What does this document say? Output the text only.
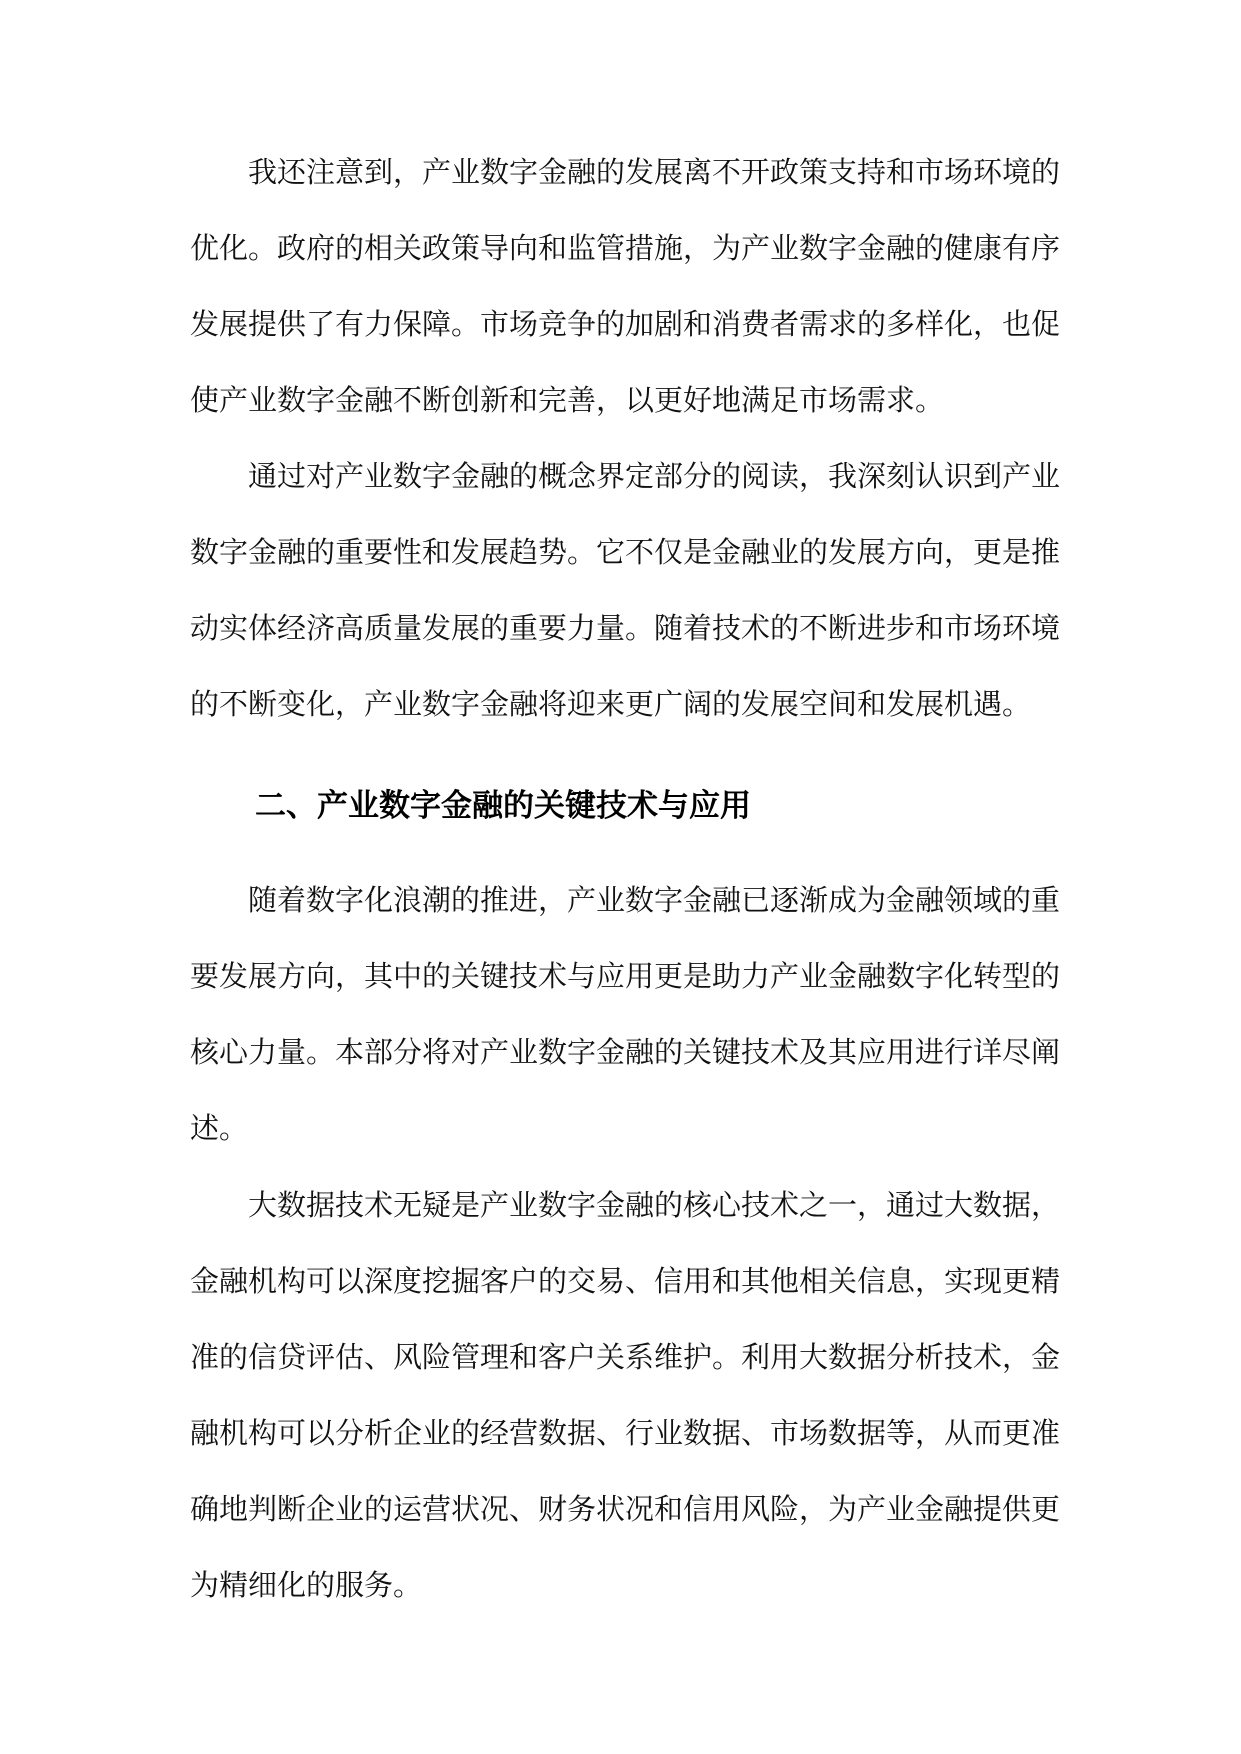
我还注意到，产业数字金融的发展离不开政策支持和市场环境的
优化。政府的相关政策导向和监管措施，为产业数字金融的健康有序
发展提供了有力保障。市场竞争的加剧和消费者需求的多样化，也促
使产业数字金融不断创新和完善，以更好地满足市场需求。
通过对产业数字金融的概念界定部分的阅读，我深刻认识到产业
数字金融的重要性和发展趋势。它不仅是金融业的发展方向，更是推
动实体经济高质量发展的重要力量。随着技术的不断进步和市场环境
的不断变化，产业数字金融将迎来更广阔的发展空间和发展机遇。
二、产业数字金融的关键技术与应用
随着数字化浪潮的推进，产业数字金融已逐渐成为金融领域的重
要发展方向，其中的关键技术与应用更是助力产业金融数字化转型的
核心力量。本部分将对产业数字金融的关键技术及其应用进行详尽阐
述。
大数据技术无疑是产业数字金融的核心技术之一，通过大数据，
金融机构可以深度挖掘客户的交易、信用和其他相关信息，实现更精
准的信贷评估、风险管理和客户关系维护。利用大数据分析技术，金
融机构可以分析企业的经营数据、行业数据、市场数据等，从而更准
确地判断企业的运营状况、财务状况和信用风险，为产业金融提供更
为精细化的服务。
